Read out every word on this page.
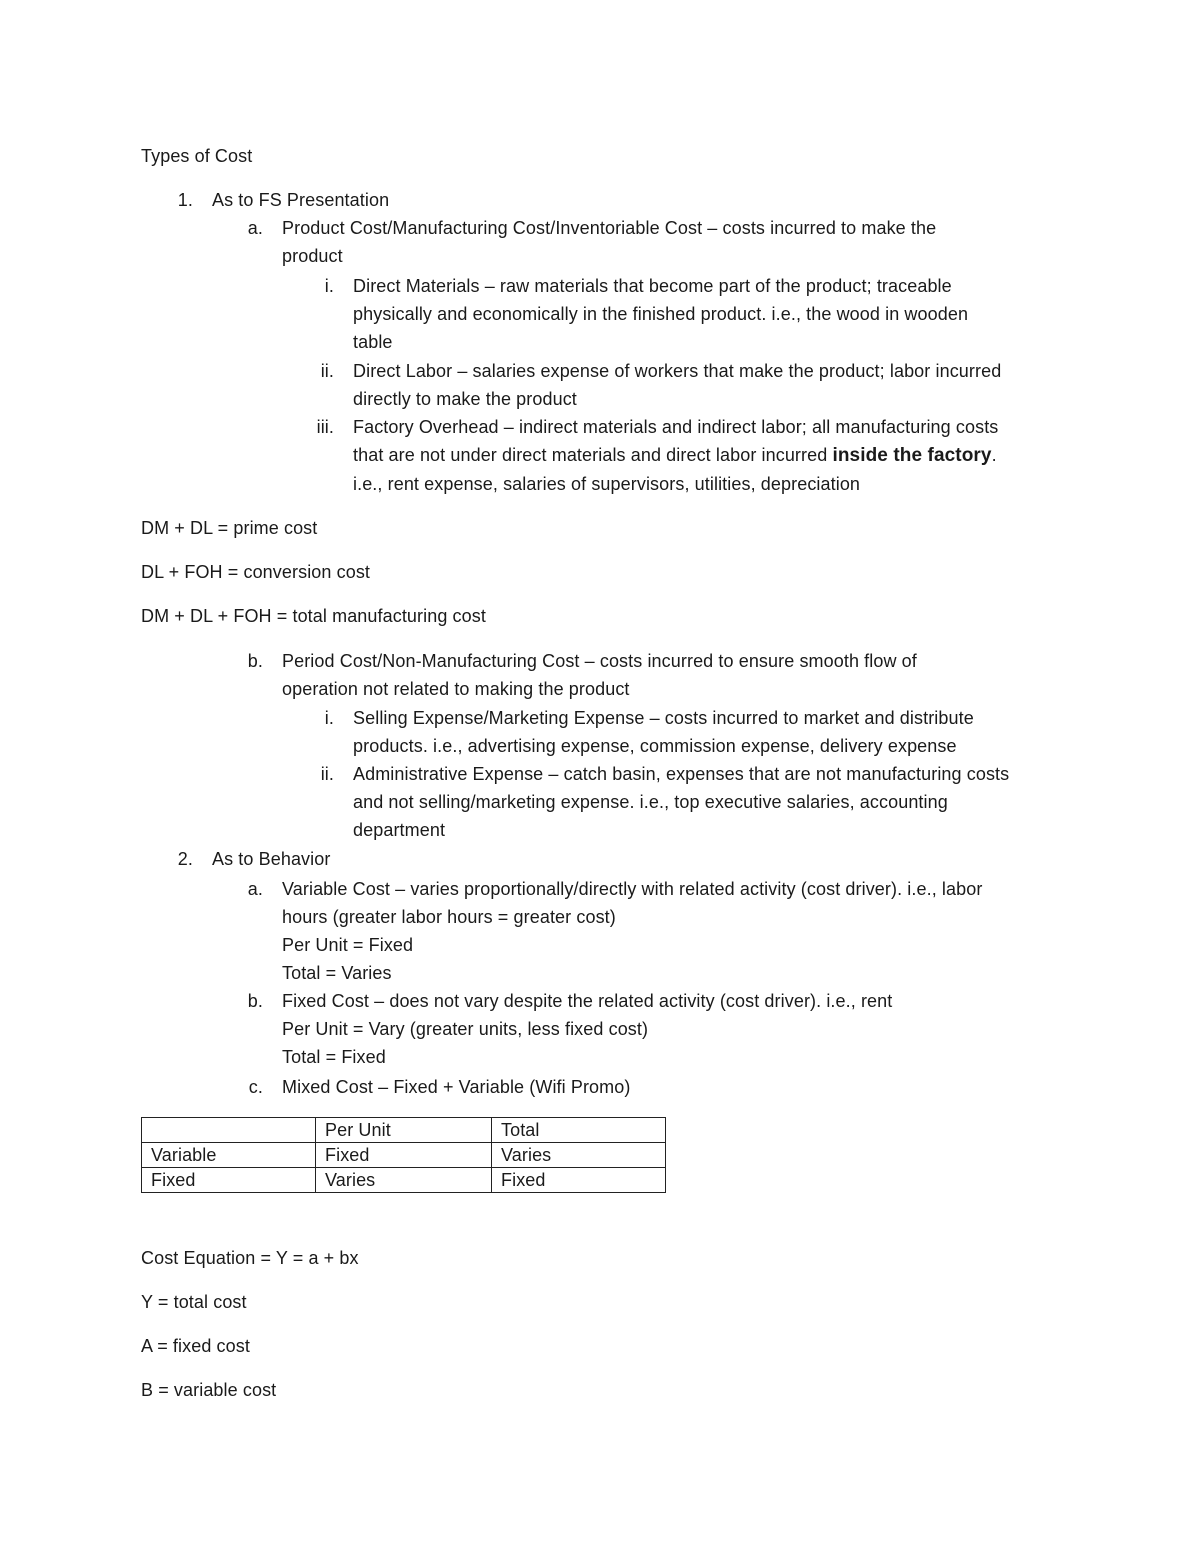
Types of Cost
1. As to FS Presentation
a. Product Cost/Manufacturing Cost/Inventoriable Cost – costs incurred to make the
product
i. Direct Materials – raw materials that become part of the product; traceable
physically and economically in the finished product. i.e., the wood in wooden
table
ii. Direct Labor – salaries expense of workers that make the product; labor incurred
directly to make the product
iii. Factory Overhead – indirect materials and indirect labor; all manufacturing costs
that are not under direct materials and direct labor incurred inside the factory.
i.e., rent expense, salaries of supervisors, utilities, depreciation
DM + DL = prime cost
DL + FOH = conversion cost
DM + DL + FOH = total manufacturing cost
b. Period Cost/Non-Manufacturing Cost – costs incurred to ensure smooth flow of
operation not related to making the product
i. Selling Expense/Marketing Expense – costs incurred to market and distribute
products. i.e., advertising expense, commission expense, delivery expense
ii. Administrative Expense – catch basin, expenses that are not manufacturing costs
and not selling/marketing expense. i.e., top executive salaries, accounting
department
2. As to Behavior
a. Variable Cost – varies proportionally/directly with related activity (cost driver). i.e., labor
hours (greater labor hours = greater cost)
Per Unit = Fixed
Total = Varies
b. Fixed Cost – does not vary despite the related activity (cost driver). i.e., rent
Per Unit = Vary (greater units, less fixed cost)
Total = Fixed
c. Mixed Cost – Fixed + Variable (Wifi Promo)
	Per Unit	Total
Variable	Fixed	Varies
Fixed	Varies	Fixed
Cost Equation = Y = a + bx
Y = total cost
A = fixed cost
B = variable cost
